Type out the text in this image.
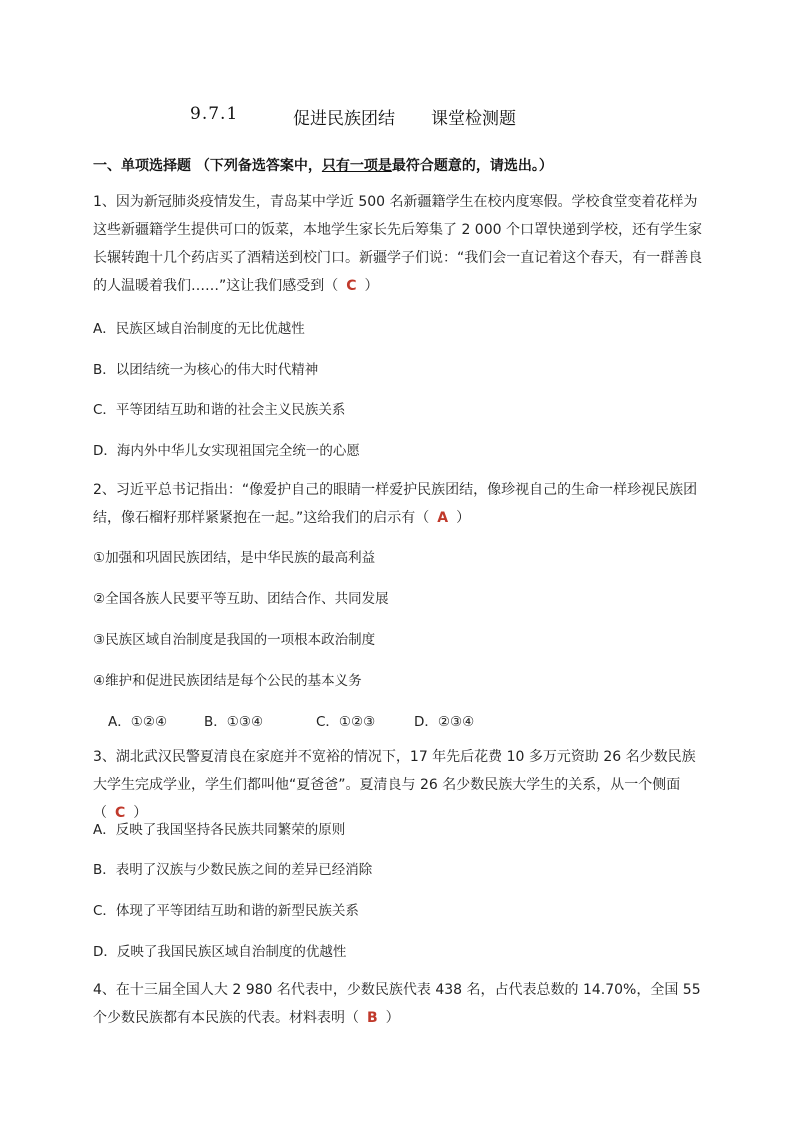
9.7.1	促进民族团结 课堂检测题
一、单项选择题 （下列备选答案中，只有一项是最符合题意的，请选出。）
1、因为新冠肺炎疫情发生，青岛某中学近 500 名新疆籍学生在校内度寒假。学校食堂变着花样为这些新疆籍学生提供可口的饭菜，本地学生家长先后筹集了 2 000 个口罩快递到学校，还有学生家长辗转跑十几个药店买了酒精送到校门口。新疆学子们说：“我们会一直记着这个春天，有一群善良的人温暖着我们……”这让我们感受到（ C ）
A．民族区域自治制度的无比优越性
B．以团结统一为核心的伟大时代精神
C．平等团结互助和谐的社会主义民族关系
D．海内外中华儿女实现祖国完全统一的心愿
2、习近平总书记指出：“像爱护自己的眼睛一样爱护民族团结，像珍视自己的生命一样珍视民族团结，像石榴籽那样紧紧抱在一起。”这给我们的启示有（ A ）
①加强和巩固民族团结，是中华民族的最高利益
②全国各族人民要平等互助、团结合作、共同发展
③民族区域自治制度是我国的一项根本政治制度
④维护和促进民族团结是每个公民的基本义务
A．①②④	B．①③④	C．①②③	D．②③④
3、湖北武汉民警夏清良在家庭并不宽裕的情况下，17 年先后花费 10 多万元资助 26 名少数民族大学生完成学业，学生们都叫他“夏爸爸”。夏清良与 26 名少数民族大学生的关系，从一个侧面（ C ）
A．反映了我国坚持各民族共同繁荣的原则
B．表明了汉族与少数民族之间的差异已经消除
C．体现了平等团结互助和谐的新型民族关系
D．反映了我国民族区域自治制度的优越性
4、在十三届全国人大 2 980 名代表中，少数民族代表 438 名，占代表总数的 14.70%，全国 55 个少数民族都有本民族的代表。材料表明（ B ）
